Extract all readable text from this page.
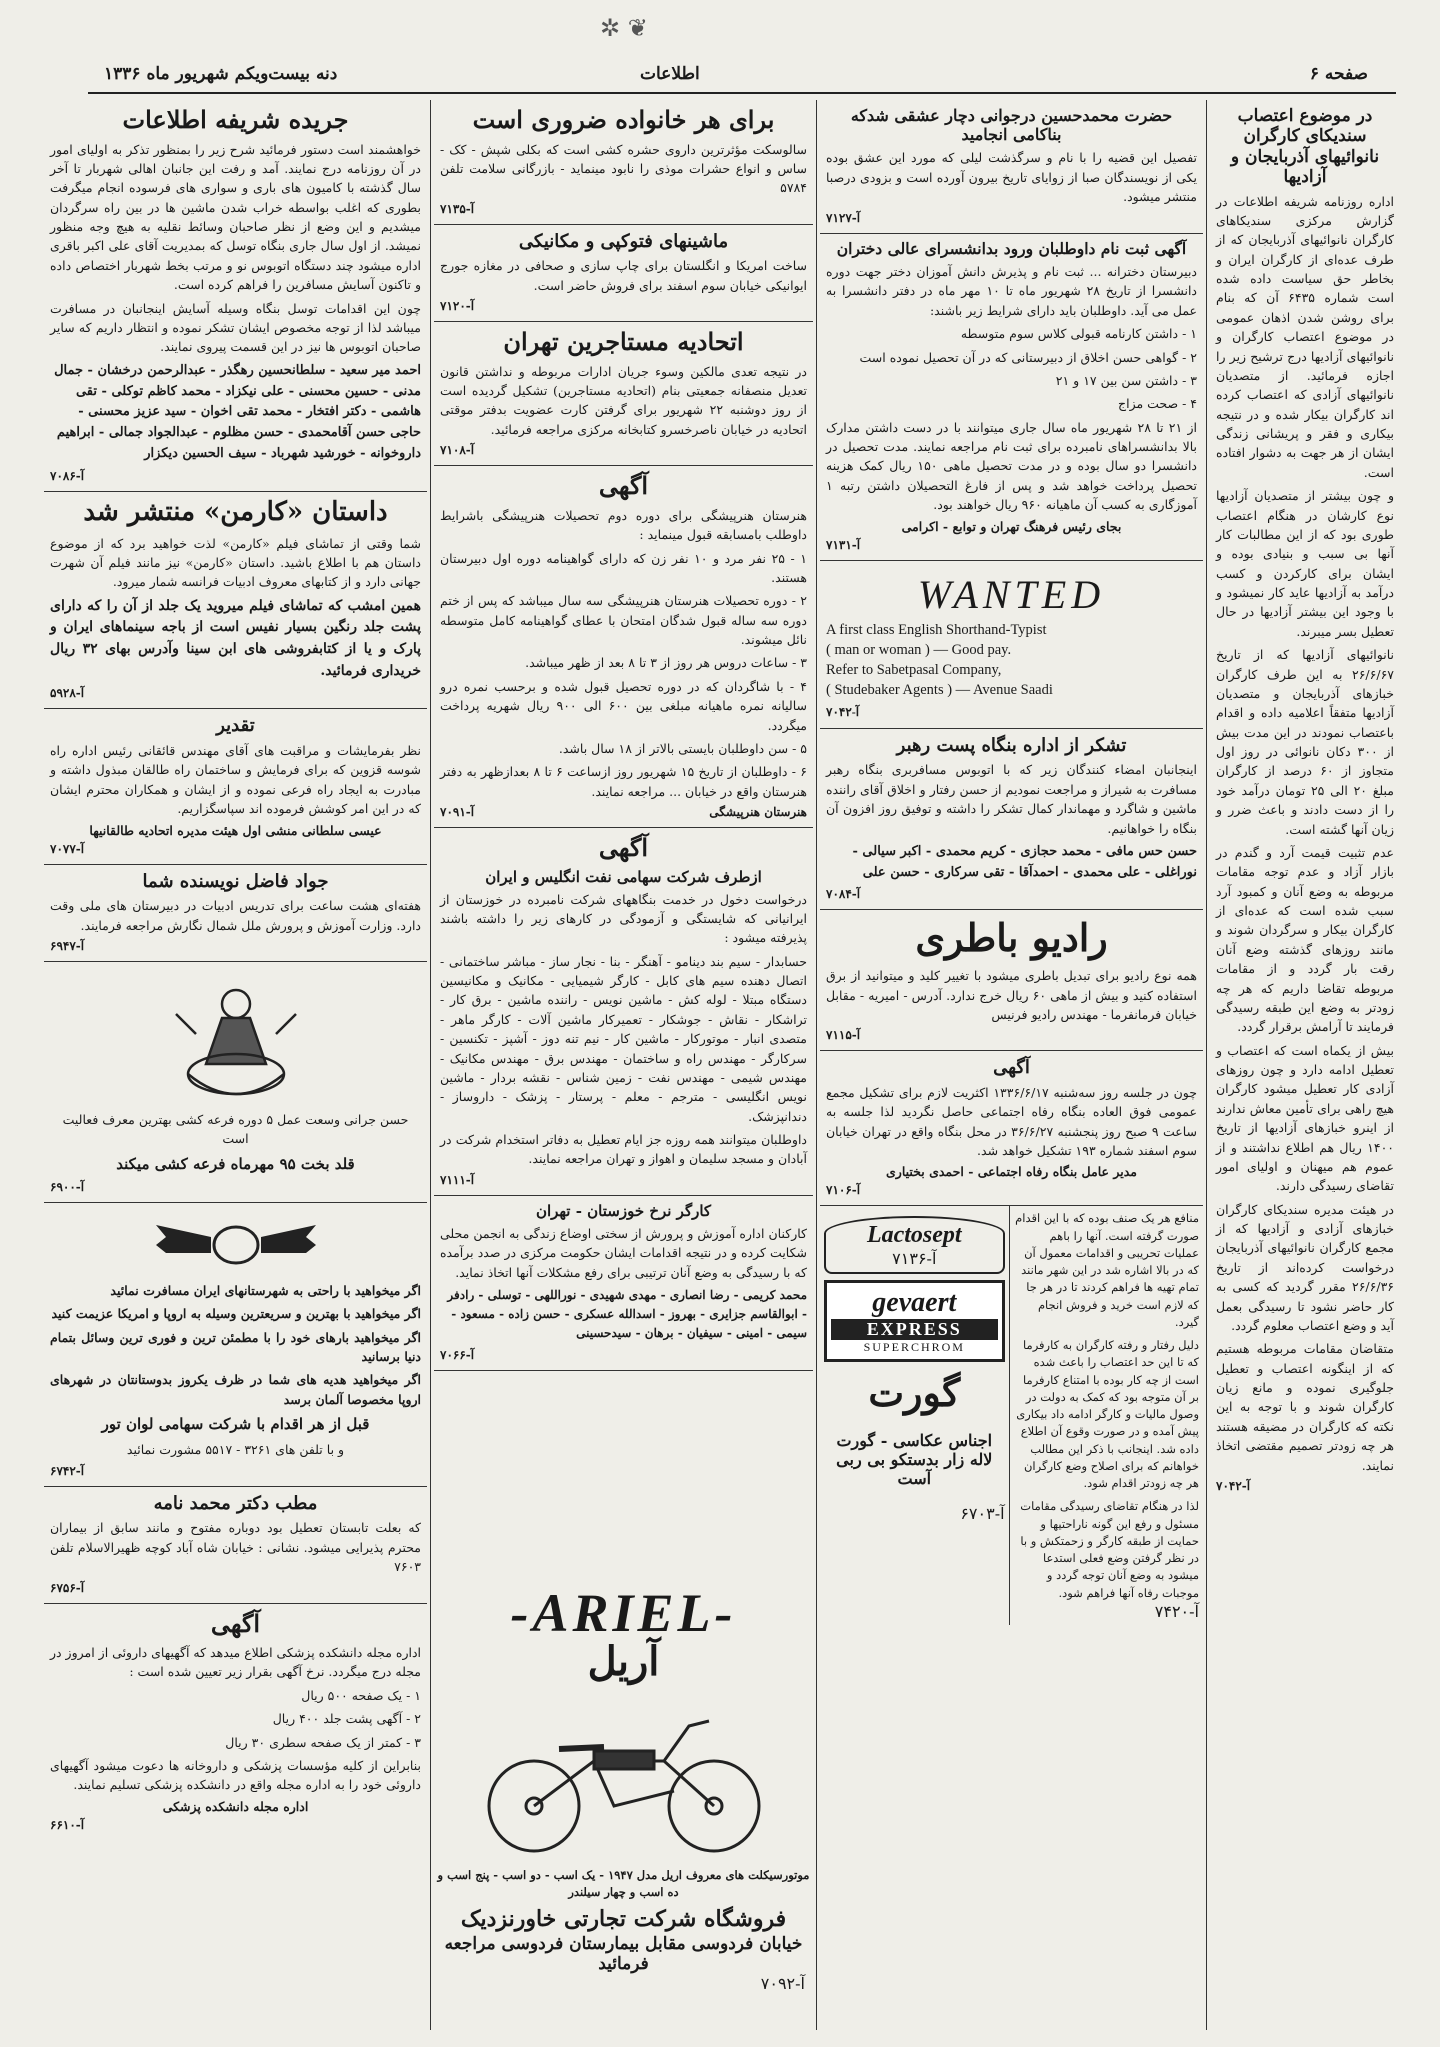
✲ ❦
صفحه ۶
اطلاعات
دنه بیست‌ویکم شهریور ماه ۱۳۳۶
در موضوع اعتصاب سندیکای کارگران نانوائیهای آذربایجان و آزادیها

اداره روزنامه شریفه اطلاعات در گزارش مرکزی سندیکاهای کارگران نانوائیهای آذربایجان که از طرف عده‌ای از کارگران ایران و بخاطر حق سیاست داده شده است شماره ۶۴۳۵ آن که بنام برای روشن شدن اذهان عمومی در موضوع اعتصاب کارگران و نانوائیهای آزادیها درج ترشیح زیر را اجازه فرمائید. از متصدیان نانوائیهای آزادی که اعتصاب کرده اند کارگران بیکار شده و در نتیجه بیکاری و فقر و پریشانی زندگی ایشان از هر جهت به دشوار افتاده است.

و چون بیشتر از متصدیان آزادیها نوع کارشان در هنگام اعتصاب طوری بود که از این مطالبات کار آنها بی سبب و بنیادی بوده و ایشان برای کارکردن و کسب درآمد به آزادیها عاید کار نمیشود و با وجود این بیشتر آزادیها در حال تعطیل بسر میبرند.

نانوائیهای آزادیها که از تاریخ ۲۶/۶/۶۷ به این طرف کارگران خبازهای آذربایجان و متصدیان آزادیها متفقاً اعلامیه داده و اقدام باعتصاب نمودند در این مدت بیش از ۳۰۰ دکان نانوائی در روز اول متجاوز از ۶۰ درصد از کارگران مبلغ ۲۰ الی ۲۵ تومان درآمد خود را از دست دادند و باعث ضرر و زیان آنها گشته است.

عدم تثبیت قیمت آرد و گندم در بازار آزاد و عدم توجه مقامات مربوطه به وضع آنان و کمبود آرد سبب شده است که عده‌ای از کارگران بیکار و سرگردان شوند و مانند روزهای گذشته وضع آنان رقت بار گردد و از مقامات مربوطه تقاضا داریم که هر چه زودتر به وضع این طبقه رسیدگی فرمایند تا آرامش برقرار گردد.

بیش از یکماه است که اعتصاب و تعطیل ادامه دارد و چون روزهای آزادی کار تعطیل میشود کارگران هیچ راهی برای تأمین معاش ندارند از اینرو خبازهای آزادیها از تاریخ ۱۴۰۰ ریال هم اطلاع نداشتند و از عموم هم میهنان و اولیای امور تقاضای رسیدگی دارند.

در هیئت مدیره سندیکای کارگران خبازهای آزادی و آزادیها که از مجمع کارگران نانوائیهای آذربایجان درخواست کرده‌اند از تاریخ ۲۶/۶/۳۶ مقرر گردید که کسی به کار حاضر نشود تا رسیدگی بعمل آید و وضع اعتصاب معلوم گردد.

متقاضان مقامات مربوطه هستیم که از اینگونه اعتصاب و تعطیل جلوگیری نموده و مانع زیان کارگران شوند و با توجه به این نکته که کارگران در مضیقه هستند هر چه زودتر تصمیم مقتضی اتخاذ نمایند.

آ-۷۰۴۲
حضرت محمدحسین درجوانی دچار عشقی شدکه بناکامی انجامید

تفصیل این قضیه را با نام و سرگذشت لیلی که مورد این عشق بوده یکی از نویسندگان صبا از زوایای تاریخ بیرون آورده است و بزودی درصبا منتشر میشود.

آ-۷۱۲۷
آگهی ثبت نام داوطلبان ورود بدانشسرای عالی دختران

دبیرستان دخترانه ... ثبت نام و پذیرش دانش آموزان دختر جهت دوره دانشسرا از تاریخ ۲۸ شهریور ماه تا ۱۰ مهر ماه در دفتر دانشسرا به عمل می آید. داوطلبان باید دارای شرایط زیر باشند:

۱ - داشتن کارنامه قبولی کلاس سوم متوسطه

۲ - گواهی حسن اخلاق از دبیرستانی که در آن تحصیل نموده است

۳ - داشتن سن بین ۱۷ و ۲۱

۴ - صحت مزاج

از ۲۱ تا ۲۸ شهریور ماه سال جاری میتوانند با در دست داشتن مدارک بالا بدانشسراهای نامبرده برای ثبت نام مراجعه نمایند. مدت تحصیل در دانشسرا دو سال بوده و در مدت تحصیل ماهی ۱۵۰ ریال کمک هزینه تحصیل پرداخت خواهد شد و پس از فارغ التحصیلان داشتن رتبه ۱ آموزگاری به کسب آن ماهیانه ۹۶۰ ریال خواهند بود.

بجای رئیس فرهنگ تهران و توابع - اکرامی
آ-۷۱۳۱
WANTED

A first class English Shorthand-Typist

( man or woman ) — Good pay.

Refer to Sabetpasal Company,

( Studebaker Agents ) — Avenue Saadi

آ-۷۰۴۲
تشکر از اداره بنگاه پست رهبر

اینجانبان امضاء کنندگان زیر که با اتوبوس مسافربری بنگاه رهبر مسافرت به شیراز و مراجعت نمودیم از حسن رفتار و اخلاق آقای راننده ماشین و شاگرد و مهماندار کمال تشکر را داشته و توفیق روز افزون آن بنگاه را خواهانیم.

حسن حس مافی - محمد حجازی - کریم محمدی - اکبر سیالی - نوراغلی - علی محمدی - احمدآقا - تقی سرکاری - حسن علی
آ-۷۰۸۴
رادیو باطری

همه نوع رادیو برای تبدیل باطری میشود با تغییر کلید و میتوانید از برق استفاده کنید و بیش از ماهی ۶۰ ریال خرج ندارد. آدرس - امیریه - مقابل خیابان فرمانفرما - مهندس رادیو فرنیس

آ-۷۱۱۵
آگهی

چون در جلسه روز سه‌شنبه ۱۳۳۶/۶/۱۷ اکثریت لازم برای تشکیل مجمع عمومی فوق العاده بنگاه رفاه اجتماعی حاصل نگردید لذا جلسه به ساعت ۹ صبح روز پنجشنبه ۳۶/۶/۲۷ در محل بنگاه واقع در تهران خیابان سوم اسفند شماره ۱۹۳ تشکیل خواهد شد.

مدیر عامل بنگاه رفاه اجتماعی - احمدی بختیاری
آ-۷۱۰۶

منافع هر یک صنف بوده که با این اقدام صورت گرفته است. آنها را باهم عملیات تحریبی و اقدامات معمول آن که در بالا اشاره شد در این شهر مانند تمام تهیه ها فراهم کردند تا در هر جا که لازم است خرید و فروش انجام گیرد.

دلیل رفتار و رفته کارگران به کارفرما که تا این حد اعتصاب را باعث شده است از چه کار بوده با امتناع کارفرما بر آن متوجه بود که کمک به دولت در وصول مالیات و کارگر ادامه داد بیکاری پیش آمده و در صورت وقوع آن اطلاع داده شد. اینجانب با ذکر این مطالب خواهانم که برای اصلاح وضع کارگران هر چه زودتر اقدام شود.

لذا در هنگام تقاضای رسیدگی مقامات مسئول و رفع این گونه ناراحتیها و حمایت از طبقه کارگر و زحمتکش و با در نظر گرفتن وضع فعلی استدعا میشود به وضع آنان توجه گردد و موجبات رفاه آنها فراهم شود.

آ-۷۴۲۰
Lactosept
آ-۷۱۳۶
gevaert
EXPRESS
SUPERCHROM
گورت

اجناس عکاسی - گورت
لاله زار بدستکو بی ربی آست

آ-۶۷۰۳
برای هر خانواده ضروری است

سالوسکت مؤثرترین داروی حشره کشی است که بکلی شپش - کک - ساس و انواع حشرات موذی را نابود مینماید - بازرگانی سلامت تلفن ۵۷۸۴

آ-۷۱۳۵
ماشینهای فتوکپی و مکانیکی

ساخت امریکا و انگلستان برای چاپ سازی و صحافی در مغازه جورج ایوانیکی خیابان سوم اسفند برای فروش حاضر است.

آ-۷۱۲۰
اتحادیه مستاجرین تهران

در نتیجه تعدی مالکین وسوء جریان ادارات مربوطه و نداشتن قانون تعدیل منصفانه جمعیتی بنام (اتحادیه مستاجرین) تشکیل گردیده است از روز دوشنبه ۲۲ شهریور برای گرفتن کارت عضویت بدفتر موقتی اتحادیه در خیابان ناصرخسرو کتابخانه مرکزی مراجعه فرمائید.

آ-۷۱۰۸
آگهی

هنرستان هنرپیشگی برای دوره دوم تحصیلات هنرپیشگی باشرایط داوطلب بامسابقه قبول مینماید :

۱ - ۲۵ نفر مرد و ۱۰ نفر زن که دارای گواهینامه دوره اول دبیرستان هستند.

۲ - دوره تحصیلات هنرستان هنرپیشگی سه سال میباشد که پس از ختم دوره سه ساله قبول شدگان امتحان با عطای گواهینامه کامل متوسطه نائل میشوند.

۳ - ساعات دروس هر روز از ۳ تا ۸ بعد از ظهر میباشد.

۴ - با شاگردان که در دوره تحصیل قبول شده و برحسب نمره درو سالیانه نمره ماهیانه مبلغی بین ۶۰۰ الی ۹۰۰ ریال شهریه پرداخت میگردد.

۵ - سن داوطلبان بایستی بالاتر از ۱۸ سال باشد.

۶ - داوطلبان از تاریخ ۱۵ شهریور روز ازساعت ۶ تا ۸ بعدازظهر به دفتر هنرستان واقع در خیابان ... مراجعه نمایند.

آ-۷۰۹۱	هنرستان هنرپیشگی
آگهی
ازطرف شرکت سهامی نفت انگلیس و ایران

درخواست دخول در خدمت بنگاههای شرکت نامبرده در خوزستان از ایرانیانی که شایستگی و آزمودگی در کارهای زیر را داشته باشند پذیرفته میشود :

حسابدار - سیم بند دینامو - آهنگر - بنا - نجار ساز - مباشر ساختمانی - اتصال دهنده سیم های کابل - کارگر شیمیایی - مکانیک و مکانیسین دستگاه مبتلا - لوله کش - ماشین نویس - راننده ماشین - برق کار - تراشکار - نقاش - جوشکار - تعمیرکار ماشین آلات - کارگر ماهر - متصدی انبار - موتورکار - ماشین کار - نیم تنه دوز - آشپز - تکنسین - سرکارگر - مهندس راه و ساختمان - مهندس برق - مهندس مکانیک - مهندس شیمی - مهندس نفت - زمین شناس - نقشه بردار - ماشین نویس انگلیسی - مترجم - معلم - پرستار - پزشک - داروساز - دندانپزشک.

داوطلبان میتوانند همه روزه جز ایام تعطیل به دفاتر استخدام شرکت در آبادان و مسجد سلیمان و اهواز و تهران مراجعه نمایند.

آ-۷۱۱۱
کارگر نرخ خوزستان - تهران

کارکنان اداره آموزش و پرورش از سختی اوضاع زندگی به انجمن محلی شکایت کرده و در نتیجه اقدامات ایشان حکومت مرکزی در صدد برآمده که با رسیدگی به وضع آنان ترتیبی برای رفع مشکلات آنها اتخاذ نماید.

محمد کریمی - رضا انصاری - مهدی شهیدی - نوراللهی - توسلی - رادفر - ابوالقاسم جزایری - بهروز - اسدالله عسکری - حسن زاده - مسعود - سیمی - امینی - سیفیان - برهان - سیدحسینی
آ-۷۰۶۶
-ARIEL-
آریل
موتورسیکلت های معروف اریل مدل ۱۹۴۷ - یک اسب - دو اسب - پنج اسب و ده اسب و چهار سیلندر
فروشگاه شرکت تجارتی خاورنزدیک
خیابان فردوسی مقابل بیمارستان فردوسی مراجعه فرمائید
آ-۷۰۹۲
جریده شریفه اطلاعات

خواهشمند است دستور فرمائید شرح زیر را بمنظور تذکر به اولیای امور در آن روزنامه درج نمایند. آمد و رفت این جانبان اهالی شهربار تا آخر سال گذشته با کامیون های باری و سواری های فرسوده انجام میگرفت بطوری که اغلب بواسطه خراب شدن ماشین ها در بین راه سرگردان میشدیم و این وضع از نظر صاحبان وسائط نقلیه به هیچ وجه منظور نمیشد. از اول سال جاری بنگاه توسل که بمدیریت آقای علی اکبر باقری اداره میشود چند دستگاه اتوبوس نو و مرتب بخط شهربار اختصاص داده و تاکنون آسایش مسافرین را فراهم کرده است.

چون این اقدامات توسل بنگاه وسیله آسایش اینجانبان در مسافرت میباشد لذا از توجه مخصوص ایشان تشکر نموده و انتظار داریم که سایر صاحبان اتوبوس ها نیز در این قسمت پیروی نمایند.

احمد میر سعید - سلطانحسین رهگذر - عبدالرحمن درخشان - جمال مدنی - حسین محسنی - علی نیکزاد - محمد کاظم توکلی - تقی هاشمی - دکتر افتخار - محمد تقی اخوان - سید عزیز محسنی - حاجی حسن آقامحمدی - حسن مظلوم - عبدالجواد جمالی - ابراهیم داروخوانه - خورشید شهرباد - سیف الحسین دیکزار
آ-۷۰۸۶
داستان «کارمن» منتشر شد

شما وقتی از تماشای فیلم «کارمن» لذت خواهید برد که از موضوع داستان هم با اطلاع باشید. داستان «کارمن» نیز مانند فیلم آن شهرت جهانی دارد و از کتابهای معروف ادبیات فرانسه شمار میرود.

همین امشب که تماشای فیلم میروید یک جلد از آن را که دارای پشت جلد رنگین بسیار نفیس است از باجه سینماهای ایران و پارک و یا از کتابفروشی های ابن سینا وآدرس بهای ۳۲ ریال خریداری فرمائید.

آ-۵۹۲۸
تقدیر

نظر بفرمایشات و مراقبت های آقای مهندس قائقانی رئیس اداره راه شوسه قزوین که برای فرمایش و ساختمان راه طالقان مبذول داشته و مبادرت به ایجاد راه فرعی نموده و از ایشان و همکاران محترم ایشان که در این امر کوشش فرموده اند سپاسگزاریم.

عیسی سلطانی منشی اول هیئت مدیره اتحادیه طالقانیها
آ-۷۰۷۷
جواد فاضل نویسنده شما

هفته‌ای هشت ساعت برای تدریس ادبیات در دبیرستان های ملی وقت دارد. وزارت آموزش و پرورش ملل شمال نگارش مراجعه فرمایند.

آ-۶۹۴۷

حسن جرانی وسعت عمل ۵ دوره فرعه کشی بهترین معرف فعالیت است

قلد بخت ۹۵ مهرماه فرعه کشی میکند

آ-۶۹۰۰

اگر میخواهید با راحتی به شهرستانهای ایران مسافرت نمائید

اگر میخواهید با بهترین و سریعترین وسیله به اروپا و امریکا عزیمت کنید

اگر میخواهید بارهای خود را با مطمئن ترین و فوری ترین وسائل بتمام دنیا برسانید

اگر میخواهید هدیه های شما در ظرف یکروز بدوستانتان در شهرهای اروپا مخصوصا آلمان برسد

قبل از هر اقدام با شرکت سهامی لوان تور

و با تلفن های ۳۲۶۱ - ۵۵۱۷ مشورت نمائید

آ-۶۷۴۲
مطب دکتر محمد نامه

که بعلت تابستان تعطیل بود دوباره مفتوح و مانند سابق از بیماران محترم پذیرایی میشود. نشانی : خیابان شاه آباد کوچه ظهیرالاسلام تلفن ۷۶۰۳

آ-۶۷۵۶
آگهی

اداره مجله دانشکده پزشکی اطلاع میدهد که آگهیهای داروئی از امروز در مجله درج میگردد. نرخ آگهی بقرار زیر تعیین شده است :

۱ - یک صفحه ۵۰۰ ریال

۲ - آگهی پشت جلد ۴۰۰ ریال

۳ - کمتر از یک صفحه سطری ۳۰ ریال

بنابراین از کلیه مؤسسات پزشکی و داروخانه ها دعوت میشود آگهیهای داروئی خود را به اداره مجله واقع در دانشکده پزشکی تسلیم نمایند.

اداره مجله دانشکده پزشکی
آ-۶۶۱۰
